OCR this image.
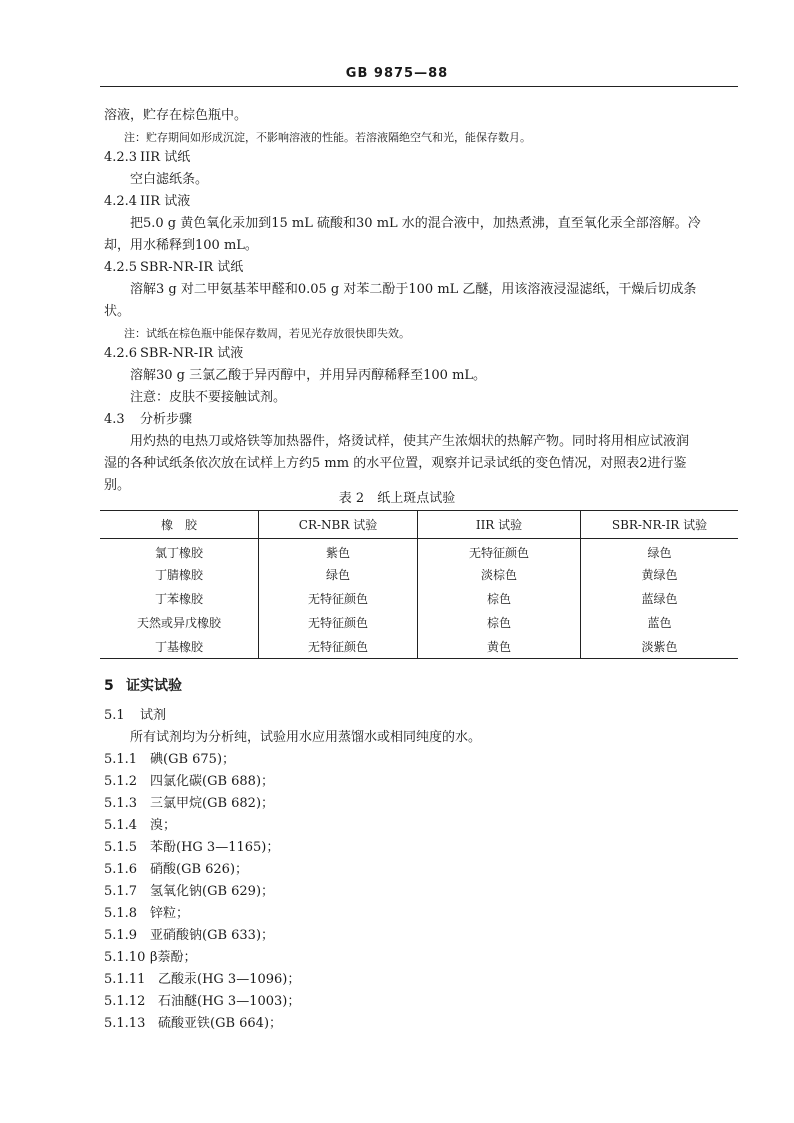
GB 9875—88
溶液，贮存在棕色瓶中。
注：贮存期间如形成沉淀，不影响溶液的性能。若溶液隔绝空气和光，能保存数月。
4.2.3 IIR 试纸
空白滤纸条。
4.2.4 IIR 试液
把5.0 g 黄色氧化汞加到15 mL 硫酸和30 mL 水的混合液中，加热煮沸，直至氧化汞全部溶解。冷
却，用水稀释到100 mL。
4.2.5 SBR-NR-IR 试纸
溶解3 g 对二甲氨基苯甲醛和0.05 g 对苯二酚于100 mL 乙醚，用该溶液浸湿滤纸，干燥后切成条
状。
注：试纸在棕色瓶中能保存数周，若见光存放很快即失效。
4.2.6 SBR-NR-IR 试液
溶解30 g 三氯乙酸于异丙醇中，并用异丙醇稀释至100 mL。
注意：皮肤不要接触试剂。
4.3 分析步骤
用灼热的电热刀或烙铁等加热器件，烙烫试样，使其产生浓烟状的热解产物。同时将用相应试液润
湿的各种试纸条依次放在试样上方约5 mm 的水平位置，观察并记录试纸的变色情况，对照表2进行鉴
别。
表 2　纸上斑点试验
橡　胶	CR-NBR 试验	IIR 试验	SBR-NR-IR 试验
氯丁橡胶	紫色	无特征颜色	绿色
丁腈橡胶	绿色	淡棕色	黄绿色
丁苯橡胶	无特征颜色	棕色	蓝绿色
天然或异戊橡胶	无特征颜色	棕色	蓝色
丁基橡胶	无特征颜色	黄色	淡紫色
5 证实试验
5.1 试剂
所有试剂均为分析纯，试验用水应用蒸馏水或相同纯度的水。
5.1.1 碘(GB 675)；
5.1.2 四氯化碳(GB 688)；
5.1.3 三氯甲烷(GB 682)；
5.1.4 溴；
5.1.5 苯酚(HG 3—1165)；
5.1.6 硝酸(GB 626)；
5.1.7 氢氧化钠(GB 629)；
5.1.8 锌粒；
5.1.9 亚硝酸钠(GB 633)；
5.1.10 β萘酚；
5.1.11 乙酸汞(HG 3—1096)；
5.1.12 石油醚(HG 3—1003)；
5.1.13 硫酸亚铁(GB 664)；
